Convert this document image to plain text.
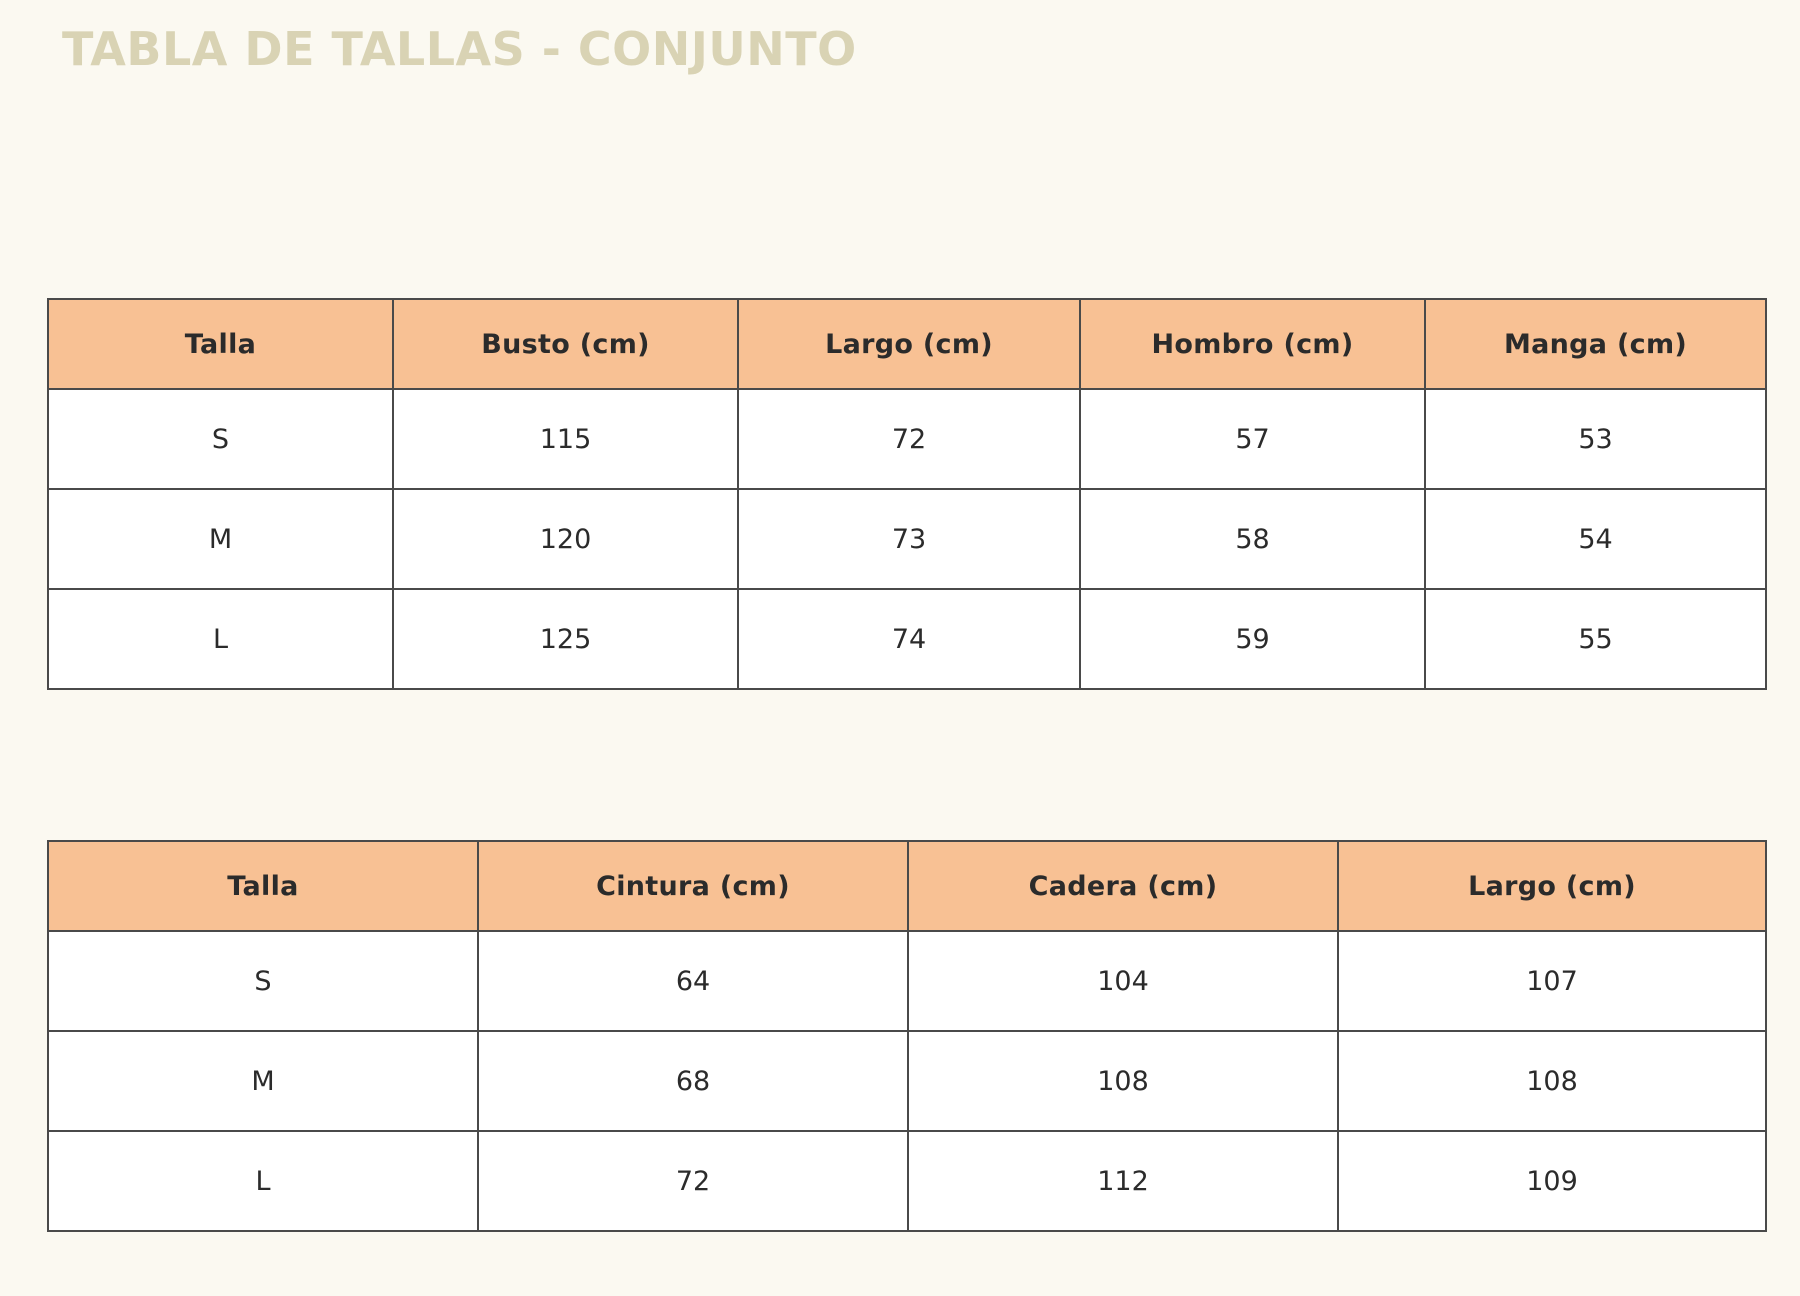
TABLA DE TALLAS - CONJUNTO
Talla	Busto (cm)	Largo (cm)	Hombro (cm)	Manga (cm)
S	115	72	57	53
M	120	73	58	54
L	125	74	59	55
Talla	Cintura (cm)	Cadera (cm)	Largo (cm)
S	64	104	107
M	68	108	108
L	72	112	109
